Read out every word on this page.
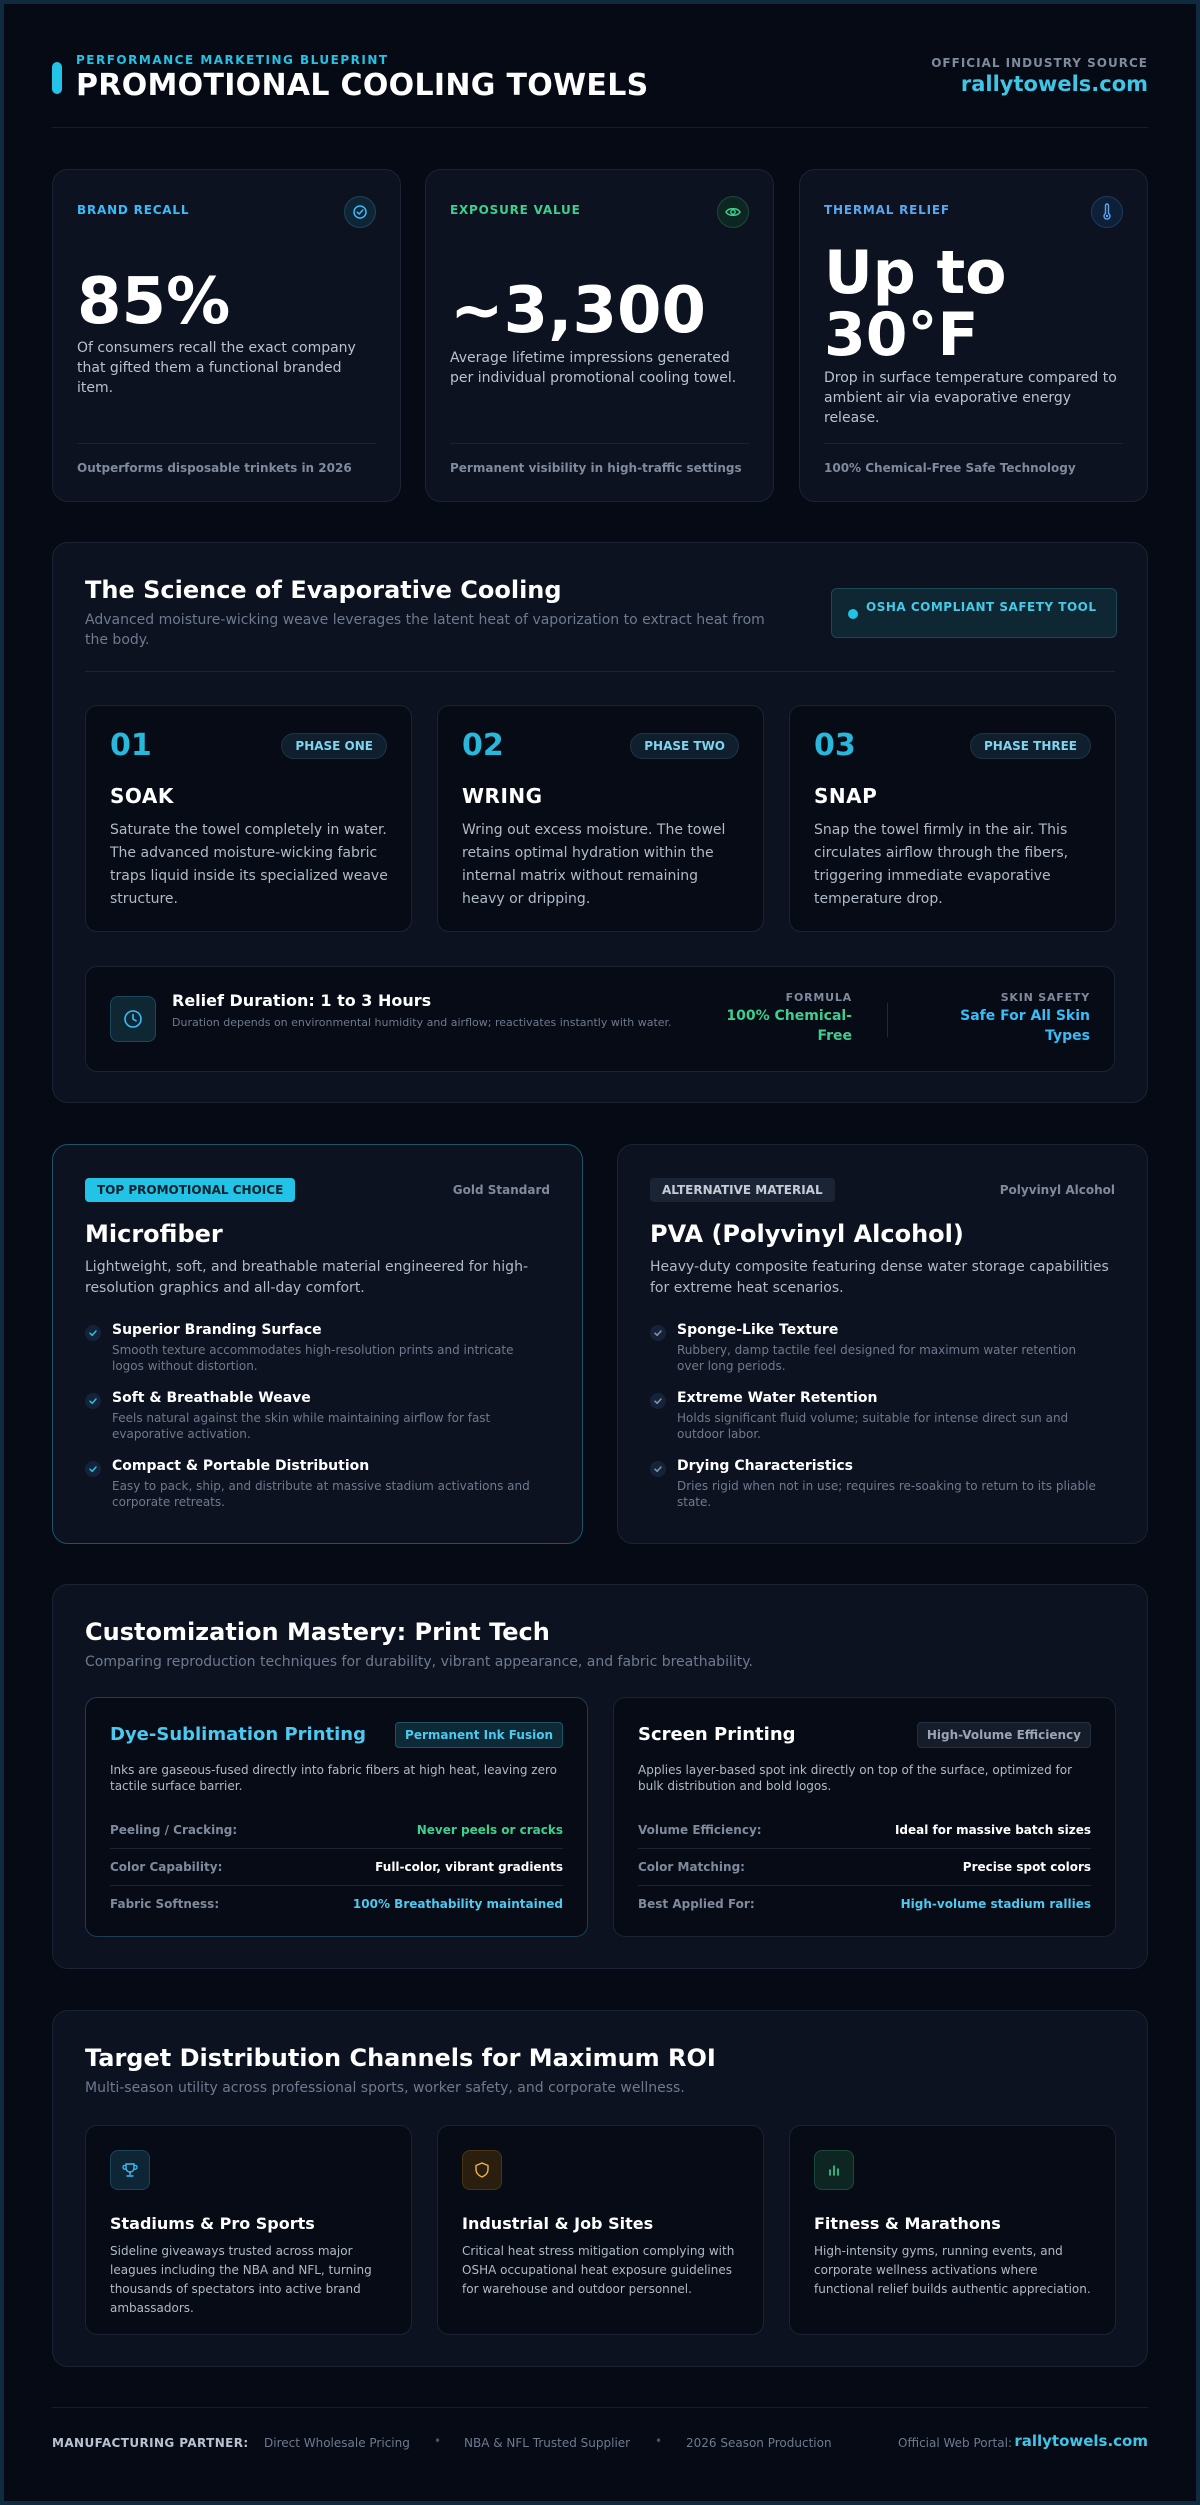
PERFORMANCE MARKETING BLUEPRINT
PROMOTIONAL COOLING TOWELS
OFFICIAL INDUSTRY SOURCE
rallytowels.com
BRAND RECALL
85%
Of consumers recall the exact company that gifted them a functional branded item.
Outperforms disposable trinkets in 2026
EXPOSURE VALUE
~3,300
Average lifetime impressions generated per individual promotional cooling towel.
Permanent visibility in high-traffic settings
THERMAL RELIEF
Up to
30°F
Drop in surface temperature compared to ambient air via evaporative energy release.
100% Chemical-Free Safe Technology
The Science of Evaporative Cooling
Advanced moisture-wicking weave leverages the latent heat of vaporization to extract heat from the body.
OSHA COMPLIANT SAFETY TOOL
01	PHASE ONE
SOAK
Saturate the towel completely in water. The advanced moisture-wicking fabric traps liquid inside its specialized weave structure.
02	PHASE TWO
WRING
Wring out excess moisture. The towel retains optimal hydration within the internal matrix without remaining heavy or dripping.
03	PHASE THREE
SNAP
Snap the towel firmly in the air. This circulates airflow through the fibers, triggering immediate evaporative temperature drop.
Relief Duration: 1 to 3 Hours
Duration depends on environmental humidity and airflow; reactivates instantly with water.
FORMULA
100% Chemical-
Free
SKIN SAFETY
Safe For All Skin
Types
TOP PROMOTIONAL CHOICE	Gold Standard
Microfiber
Lightweight, soft, and breathable material engineered for high-resolution graphics and all-day comfort.
Superior Branding Surface
Smooth texture accommodates high-resolution prints and intricate logos without distortion.
Soft & Breathable Weave
Feels natural against the skin while maintaining airflow for fast evaporative activation.
Compact & Portable Distribution
Easy to pack, ship, and distribute at massive stadium activations and corporate retreats.
ALTERNATIVE MATERIAL	Polyvinyl Alcohol
PVA (Polyvinyl Alcohol)
Heavy-duty composite featuring dense water storage capabilities for extreme heat scenarios.
Sponge-Like Texture
Rubbery, damp tactile feel designed for maximum water retention over long periods.
Extreme Water Retention
Holds significant fluid volume; suitable for intense direct sun and outdoor labor.
Drying Characteristics
Dries rigid when not in use; requires re-soaking to return to its pliable state.
Customization Mastery: Print Tech
Comparing reproduction techniques for durability, vibrant appearance, and fabric breathability.
Dye-Sublimation Printing	Permanent Ink Fusion
Inks are gaseous-fused directly into fabric fibers at high heat, leaving zero tactile surface barrier.
Peeling / Cracking:	Never peels or cracks
Color Capability:	Full-color, vibrant gradients
Fabric Softness:	100% Breathability maintained
Screen Printing	High-Volume Efficiency
Applies layer-based spot ink directly on top of the surface, optimized for bulk distribution and bold logos.
Volume Efficiency:	Ideal for massive batch sizes
Color Matching:	Precise spot colors
Best Applied For:	High-volume stadium rallies
Target Distribution Channels for Maximum ROI
Multi-season utility across professional sports, worker safety, and corporate wellness.
Stadiums & Pro Sports
Sideline giveaways trusted across major leagues including the NBA and NFL, turning thousands of spectators into active brand ambassadors.
Industrial & Job Sites
Critical heat stress mitigation complying with OSHA occupational heat exposure guidelines for warehouse and outdoor personnel.
Fitness & Marathons
High-intensity gyms, running events, and corporate wellness activations where functional relief builds authentic appreciation.
MANUFACTURING PARTNER: Direct Wholesale Pricing • NBA & NFL Trusted Supplier • 2026 Season Production	Official Web Portal: rallytowels.com
